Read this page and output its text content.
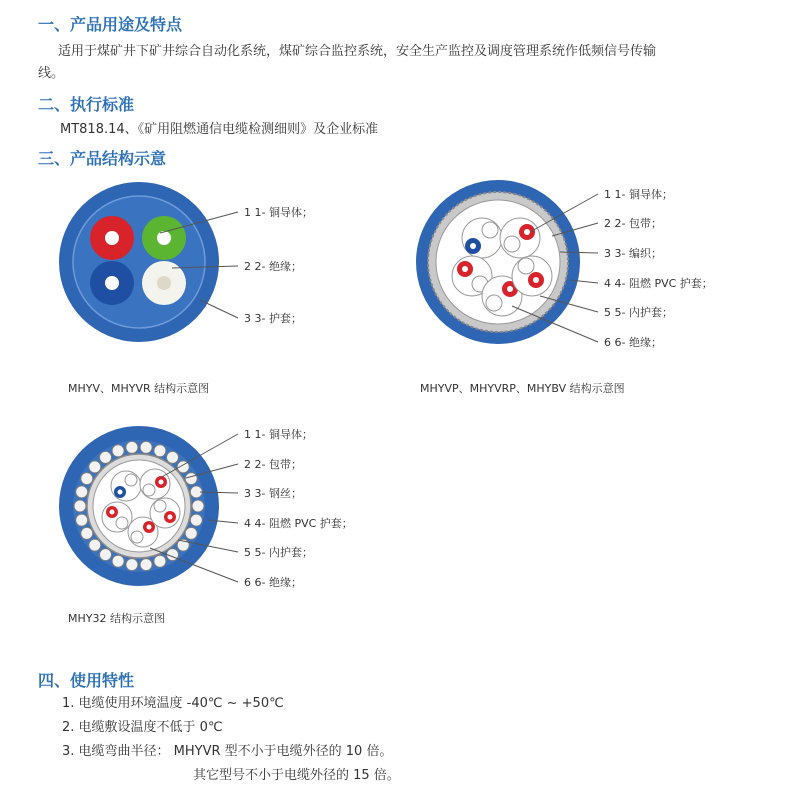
一、产品用途及特点
适用于煤矿井下矿井综合自动化系统，煤矿综合监控系统，安全生产监控及调度管理系统作低频信号传输
线。
二、执行标准
MT818.14、《矿用阻燃通信电缆检测细则》及企业标准
三、产品结构示意
1 1- 铜导体；
2 2- 绝缘；
3 3- 护套；
1 1- 铜导体；
2 2- 包带；
3 3- 编织；
4 4- 阻燃 PVC 护套；
5 5- 内护套；
6 6- 绝缘；
1 1- 铜导体；
2 2- 包带；
3 3- 钢丝；
4 4- 阻燃 PVC 护套；
5 5- 内护套；
6 6- 绝缘；
MHYV、MHYVR 结构示意图	MHYVP、MHYVRP、MHYBV 结构示意图
MHY32 结构示意图
四、使用特性
1. 电缆使用环境温度 -40℃ ~ +50℃
2. 电缆敷设温度不低于 0℃
3. 电缆弯曲半径： MHYVR 型不小于电缆外径的 10 倍。
其它型号不小于电缆外径的 15 倍。
